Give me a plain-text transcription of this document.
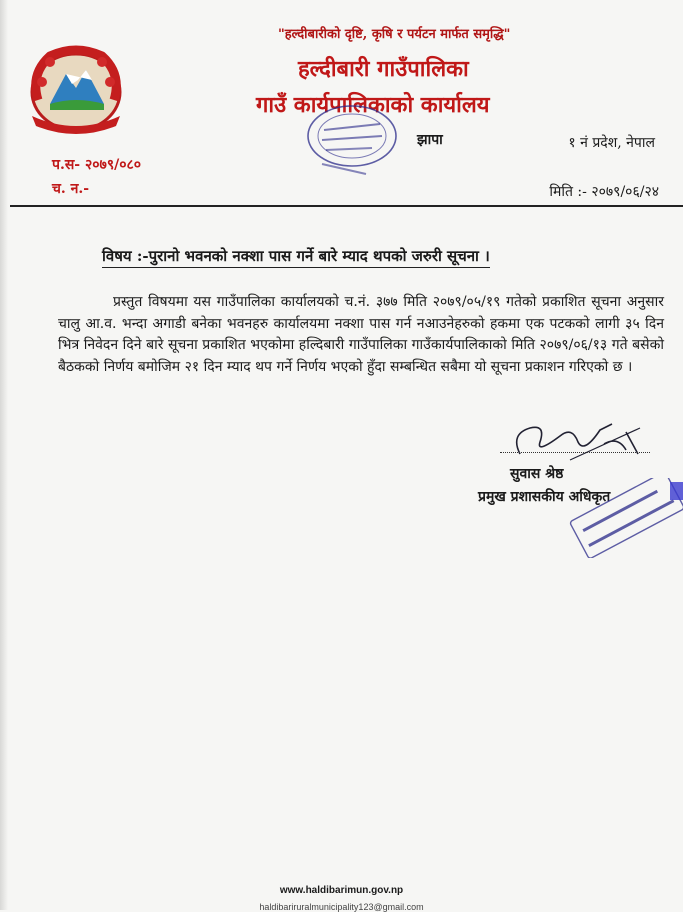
"हल्दीबारीको दृष्टि, कृषि र पर्यटन मार्फत समृद्धि"
हल्दीबारी गाउँपालिका
गाउँ कार्यपालिकाको कार्यालय
झापा	१ नं प्रदेश, नेपाल
प.स- २०७९/०८०
च. न.-	मिति :- २०७९/०६/२४
विषय :-पुरानो भवनको नक्शा पास गर्ने बारे म्याद थपको जरुरी सूचना ।
प्रस्तुत विषयमा यस गाउँपालिका कार्यालयको च.नं. ३७७ मिति २०७९/०५/१९ गतेको प्रकाशित सूचना अनुसार चालु आ.व. भन्दा अगाडी बनेका भवनहरु कार्यालयमा नक्शा पास गर्न नआउनेहरुको हकमा एक पटकको लागी ३५ दिन भित्र निवेदन दिने बारे सूचना प्रकाशित भएकोमा हल्दिबारी गाउँपालिका गाउँकार्यपालिकाको मिति २०७९/०६/१३ गते बसेको बैठकको निर्णय बमोजिम २१ दिन म्याद थप गर्ने निर्णय भएको हुँदा सम्बन्धित सबैमा यो सूचना प्रकाशन गरिएको छ ।
सुवास श्रेष्ठ
प्रमुख प्रशासकीय अधिकृत
www.haldibarimun.gov.np
haldibariruralmunicipality123@gmail.com
